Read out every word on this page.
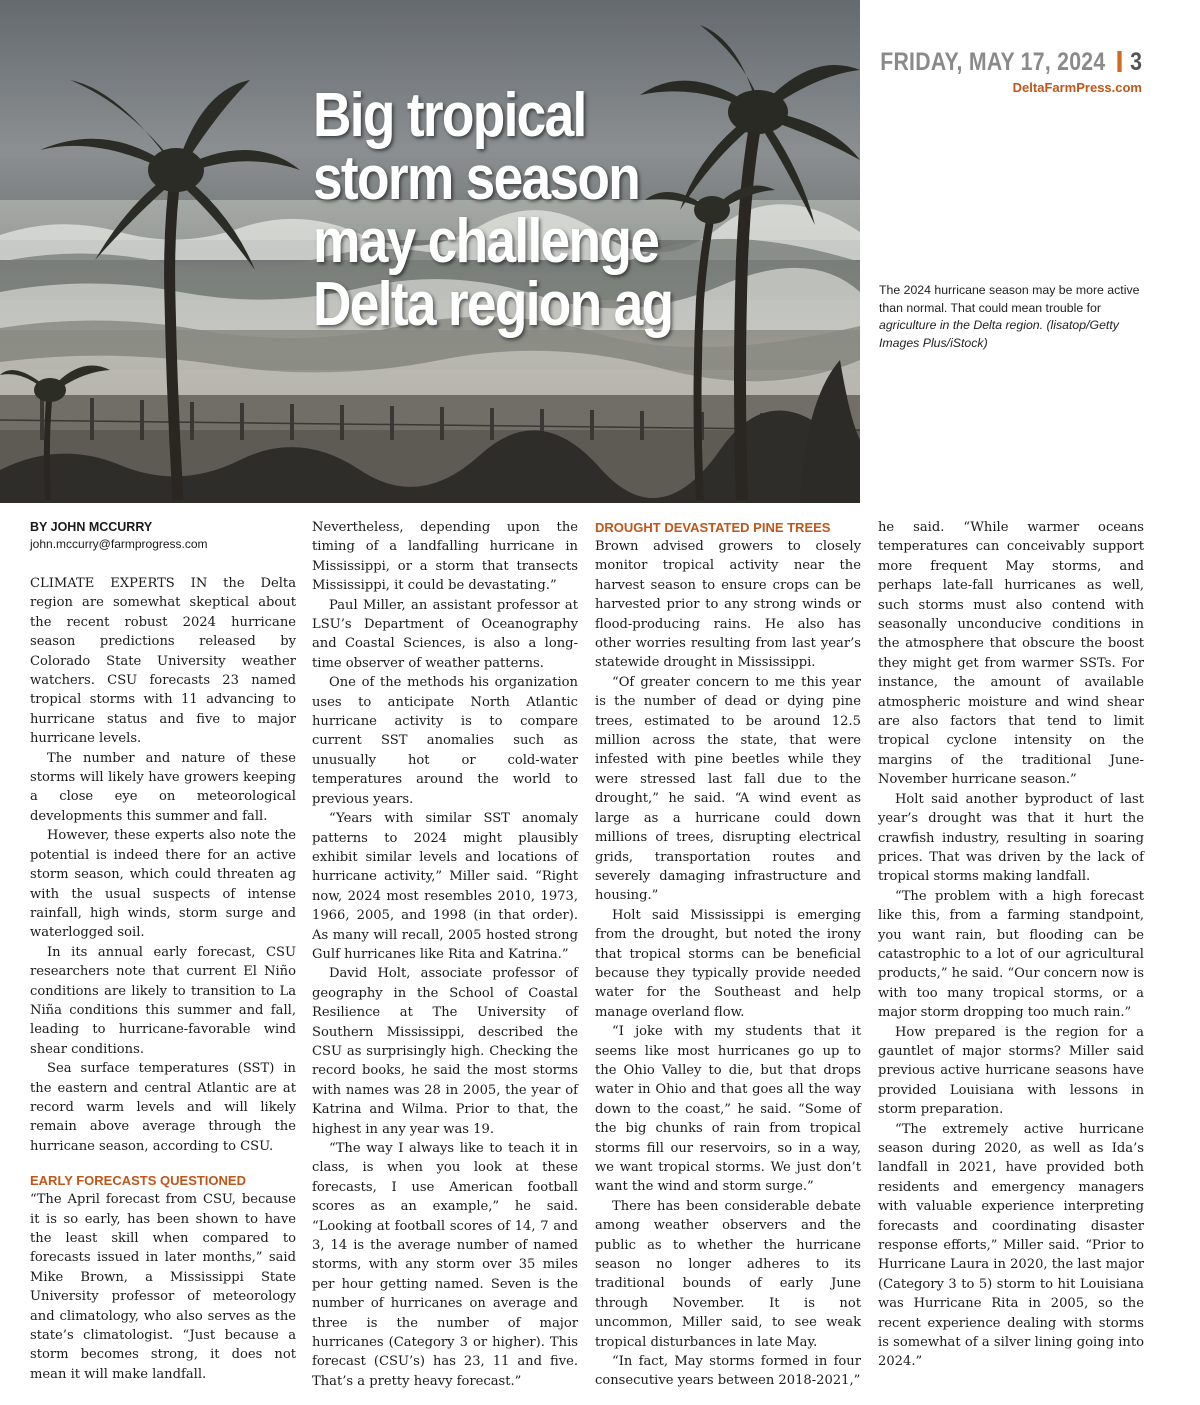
Big tropical storm season may challenge Delta region ag
FRIDAY, MAY 17, 2024 3
DeltaFarmPress.com
The 2024 hurricane season may be more active than normal. That could mean trouble for agriculture in the Delta region. (lisatop/Getty Images Plus/iStock)
BY JOHN MCCURRY
john.mccurry@farmprogress.com

CLIMATE EXPERTS IN the Delta region are somewhat skeptical about the recent robust 2024 hurricane season predictions released by Colorado State University weather watchers. CSU forecasts 23 named tropical storms with 11 advancing to hurricane status and five to major hurricane levels.

The number and nature of these storms will likely have growers keeping a close eye on meteorological developments this summer and fall.

However, these experts also note the potential is indeed there for an active storm season, which could threaten ag with the usual suspects of intense rainfall, high winds, storm surge and waterlogged soil.

In its annual early forecast, CSU researchers note that current El Niño conditions are likely to transition to La Niña conditions this summer and fall, leading to hurricane-favorable wind shear conditions.

Sea surface temperatures (SST) in the eastern and central Atlantic are at record warm levels and will likely remain above average through the hurricane season, according to CSU.

EARLY FORECASTS QUESTIONED

“The April forecast from CSU, because it is so early, has been shown to have the least skill when compared to forecasts issued in later months,” said Mike Brown, a Mississippi State University professor of meteorology and climatology, who also serves as the state’s climatologist. “Just because a storm becomes strong, it does not mean it will make landfall.

Nevertheless, depending upon the timing of a landfalling hurricane in Mississippi, or a storm that transects Mississippi, it could be devastating.”

Paul Miller, an assistant professor at LSU’s Department of Oceanography and Coastal Sciences, is also a long-time observer of weather patterns.

One of the methods his organization uses to anticipate North Atlantic hurricane activity is to compare current SST anomalies such as unusually hot or cold-water temperatures around the world to previous years.

“Years with similar SST anomaly patterns to 2024 might plausibly exhibit similar levels and locations of hurricane activity,” Miller said. “Right now, 2024 most resembles 2010, 1973, 1966, 2005, and 1998 (in that order). As many will recall, 2005 hosted strong Gulf hurricanes like Rita and Katrina.”

David Holt, associate professor of geography in the School of Coastal Resilience at The University of Southern Mississippi, described the CSU as surprisingly high. Checking the record books, he said the most storms with names was 28 in 2005, the year of Katrina and Wilma. Prior to that, the highest in any year was 19.

“The way I always like to teach it in class, is when you look at these forecasts, I use American football scores as an example,” he said. “Looking at football scores of 14, 7 and 3, 14 is the average number of named storms, with any storm over 35 miles per hour getting named. Seven is the number of hurricanes on average and three is the number of major hurricanes (Category 3 or higher). This forecast (CSU’s) has 23, 11 and five. That’s a pretty heavy forecast.”

DROUGHT DEVASTATED PINE TREES

Brown advised growers to closely monitor tropical activity near the harvest season to ensure crops can be harvested prior to any strong winds or flood-producing rains. He also has other worries resulting from last year’s statewide drought in Mississippi.

“Of greater concern to me this year is the number of dead or dying pine trees, estimated to be around 12.5 million across the state, that were infested with pine beetles while they were stressed last fall due to the drought,” he said. “A wind event as large as a hurricane could down millions of trees, disrupting electrical grids, transportation routes and severely damaging infrastructure and housing.”

Holt said Mississippi is emerging from the drought, but noted the irony that tropical storms can be beneficial because they typically provide needed water for the Southeast and help manage overland flow.

“I joke with my students that it seems like most hurricanes go up to the Ohio Valley to die, but that drops water in Ohio and that goes all the way down to the coast,” he said. “Some of the big chunks of rain from tropical storms fill our reservoirs, so in a way, we want tropical storms. We just don’t want the wind and storm surge.”

There has been considerable debate among weather observers and the public as to whether the hurricane season no longer adheres to its traditional bounds of early June through November. It is not uncommon, Miller said, to see weak tropical disturbances in late May.

“In fact, May storms formed in four consecutive years between 2018-2021,”

he said. “While warmer oceans temperatures can conceivably support more frequent May storms, and perhaps late-fall hurricanes as well, such storms must also contend with seasonally unconducive conditions in the atmosphere that obscure the boost they might get from warmer SSTs. For instance, the amount of available atmospheric moisture and wind shear are also factors that tend to limit tropical cyclone intensity on the margins of the traditional June-November hurricane season.”

Holt said another byproduct of last year’s drought was that it hurt the crawfish industry, resulting in soaring prices. That was driven by the lack of tropical storms making landfall.

“The problem with a high forecast like this, from a farming standpoint, you want rain, but flooding can be catastrophic to a lot of our agricultural products,” he said. “Our concern now is with too many tropical storms, or a major storm dropping too much rain.”

How prepared is the region for a gauntlet of major storms? Miller said previous active hurricane seasons have provided Louisiana with lessons in storm preparation.

“The extremely active hurricane season during 2020, as well as Ida’s landfall in 2021, have provided both residents and emergency managers with valuable experience interpreting forecasts and coordinating disaster response efforts,” Miller said. “Prior to Hurricane Laura in 2020, the last major (Category 3 to 5) storm to hit Louisiana was Hurricane Rita in 2005, so the recent experience dealing with storms is somewhat of a silver lining going into 2024.”
